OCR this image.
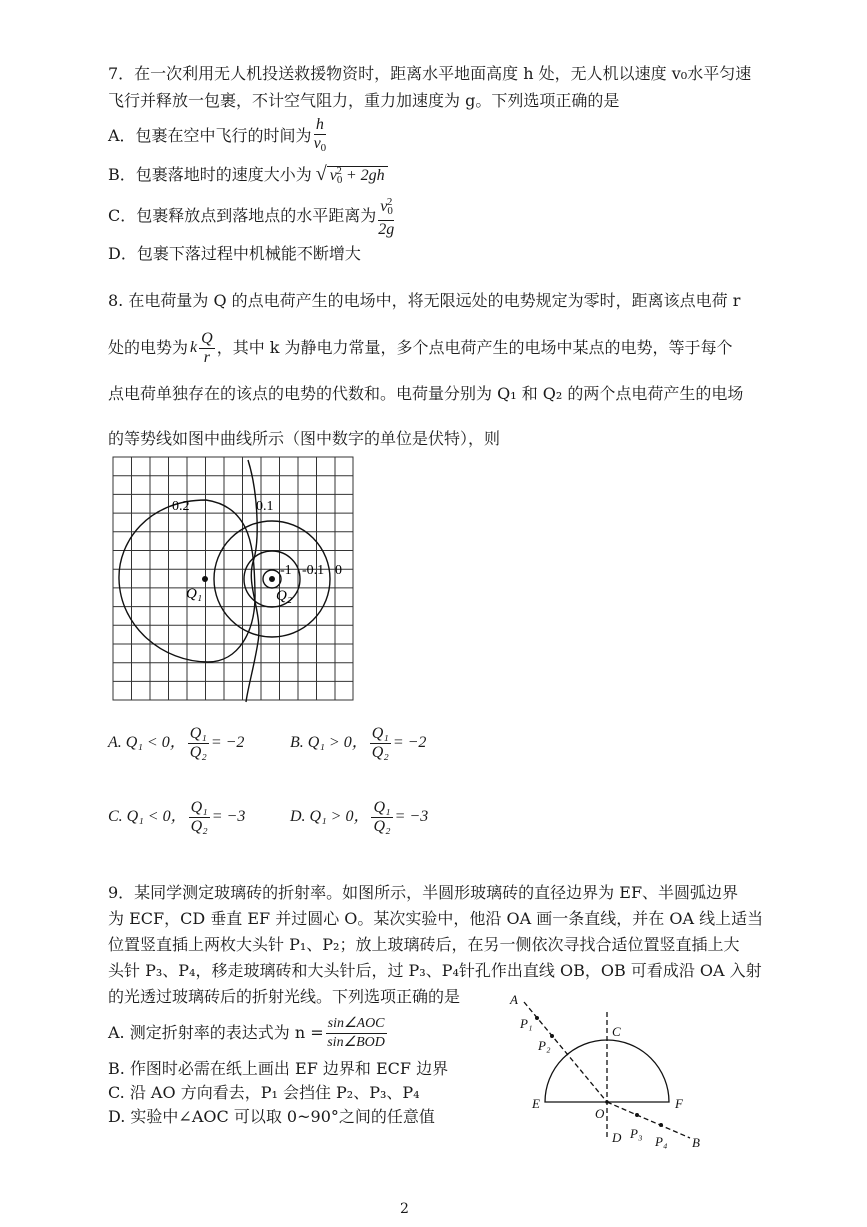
7．在一次利用无人机投送救援物资时，距离水平地面高度 h 处，无人机以速度 v₀水平匀速
飞行并释放一包裹，不计空气阻力，重力加速度为 g。下列选项正确的是
A．包裹在空中飞行的时间为 $\frac{h}{v_0}$
B．包裹落地时的速度大小为 √ $v_0^2 + 2gh$
C．包裹释放点到落地点的水平距离为 $\frac{v_0^2}{2g}$
D．包裹下落过程中机械能不断增大
8. 在电荷量为 Q 的点电荷产生的电场中，将无限远处的电势规定为零时，距离该点电荷 r
处的电势为 k $\frac{Q}{r}$ ，其中 k 为静电力常量，多个点电荷产生的电场中某点的电势，等于每个
点电荷单独存在的该点的电势的代数和。电荷量分别为 Q₁ 和 Q₂ 的两个点电荷产生的电场
的等势线如图中曲线所示（图中数字的单位是伏特），则
0.2	0.1
-1 -0.1 0
Q₁	Q₂
A. Q₁ < 0， $\frac{\text{Q₁}}{\text{Q₂}} = -2$	B. Q₁ > 0， $\frac{\text{Q₁}}{\text{Q₂}} = -2$
C. Q₁ < 0， $\frac{\text{Q₁}}{\text{Q₂}} = -3$	D. Q₁ > 0， $\frac{\text{Q₁}}{\text{Q₂}} = -3$
9．某同学测定玻璃砖的折射率。如图所示，半圆形玻璃砖的直径边界为 EF、半圆弧边界
为 ECF，CD 垂直 EF 并过圆心 O。某次实验中，他沿 OA 画一条直线，并在 OA 线上适当
位置竖直插上两枚大头针 P₁、P₂；放上玻璃砖后，在另一侧依次寻找合适位置竖直插上大
头针 P₃、P₄，移走玻璃砖和大头针后，过 P₃、P₄针孔作出直线 OB，OB 可看成沿 OA 入射
的光透过玻璃砖后的折射光线。下列选项正确的是
A. 测定折射率的表达式为 $n = \frac{\text{sin∠AOC}}{\text{sin∠BOD}}$
B. 作图时必需在纸上画出 EF 边界和 ECF 边界
C. 沿 AO 方向看去，P₁ 会挡住 P₂、P₃、P₄
D. 实验中∠AOC 可以取 0~90°之间的任意值
A
P₁
P₂
C
E	F
O
D P₃
P₄ B
2
